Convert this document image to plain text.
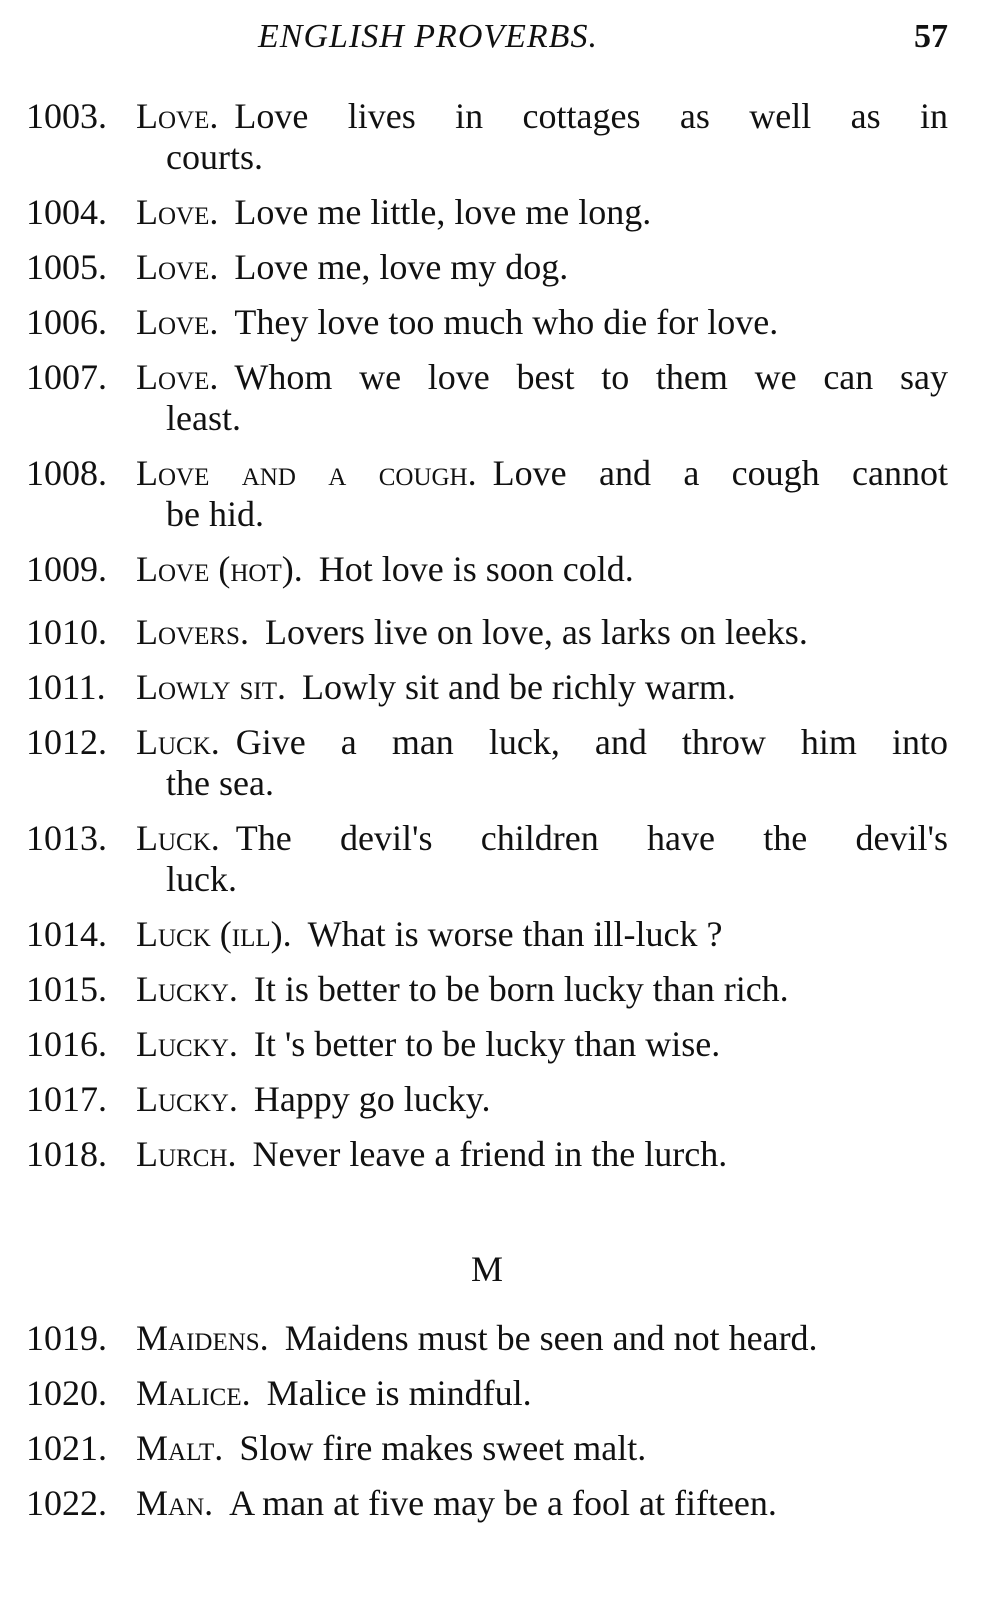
ENGLISH PROVERBS.	57
1003. Love. Love lives in cottages as well as in
courts.
1004. Love. Love me little, love me long.
1005. Love. Love me, love my dog.
1006. Love. They love too much who die for love.
1007. Love. Whom we love best to them we can say
least.
1008. Love and a cough. Love and a cough cannot
be hid.
1009. Love (hot). Hot love is soon cold.
1010. Lovers. Lovers live on love, as larks on leeks.
1011. Lowly sit. Lowly sit and be richly warm.
1012. Luck. Give a man luck, and throw him into
the sea.
1013. Luck. The devil's children have the devil's
luck.
1014. Luck (ill). What is worse than ill-luck ?
1015. Lucky. It is better to be born lucky than rich.
1016. Lucky. It 's better to be lucky than wise.
1017. Lucky. Happy go lucky.
1018. Lurch. Never leave a friend in the lurch.
M
1019. Maidens. Maidens must be seen and not heard.
1020. Malice. Malice is mindful.
1021. Malt. Slow fire makes sweet malt.
1022. Man. A man at five may be a fool at fifteen.
